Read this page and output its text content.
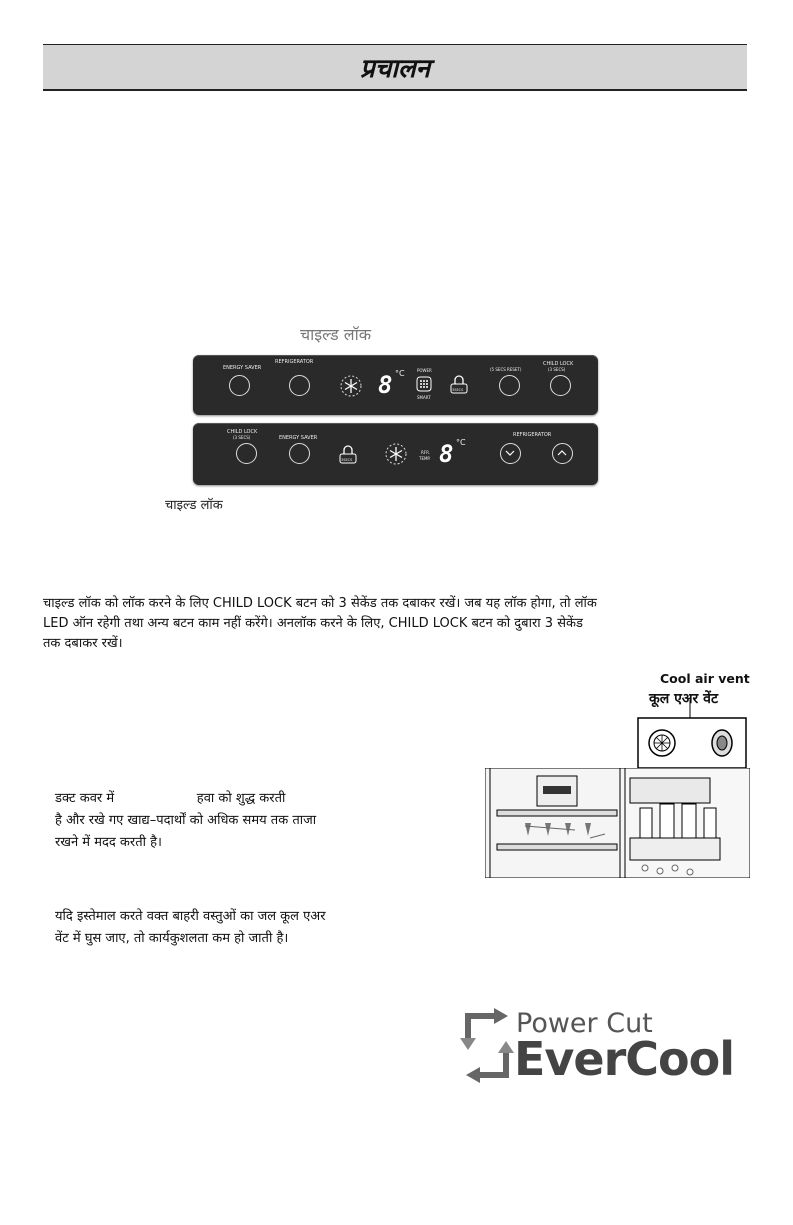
प्रचालन
चाइल्ड लॉक
ENERGY SAVER
REFRIGERATOR
8 °C	POWER
SMART
3SECS
(5 SECS RESET)
CHILD LOCK
(3 SECS)
CHILD LOCK
(3 SECS)	ENERGY SAVER
3SECS
RFR.
TEMP. 8 °C
REFRIGERATOR
चाइल्ड लॉक

चाइल्ड लॉक को लॉक करने के लिए CHILD LOCK बटन को 3 सेकेंड तक दबाकर रखें। जब यह लॉक होगा, तो लॉक

LED ऑन रहेगी तथा अन्य बटन काम नहीं करेंगे। अनलॉक करने के लिए, CHILD LOCK बटन को दुबारा 3 सेकेंड

तक दबाकर रखें।

Cool air vent
कूल एअर वेंट

डक्ट कवर में                    हवा को शुद्ध करती

है और रखे गए खाद्य–पदार्थों को अधिक समय तक ताजा

रखने में मदद करती है।

यदि इस्तेमाल करते वक्त बाहरी वस्तुओं का जल कूल एअर

वेंट में घुस जाए, तो कार्यकुशलता कम हो जाती है।

Power Cut
EverCool
